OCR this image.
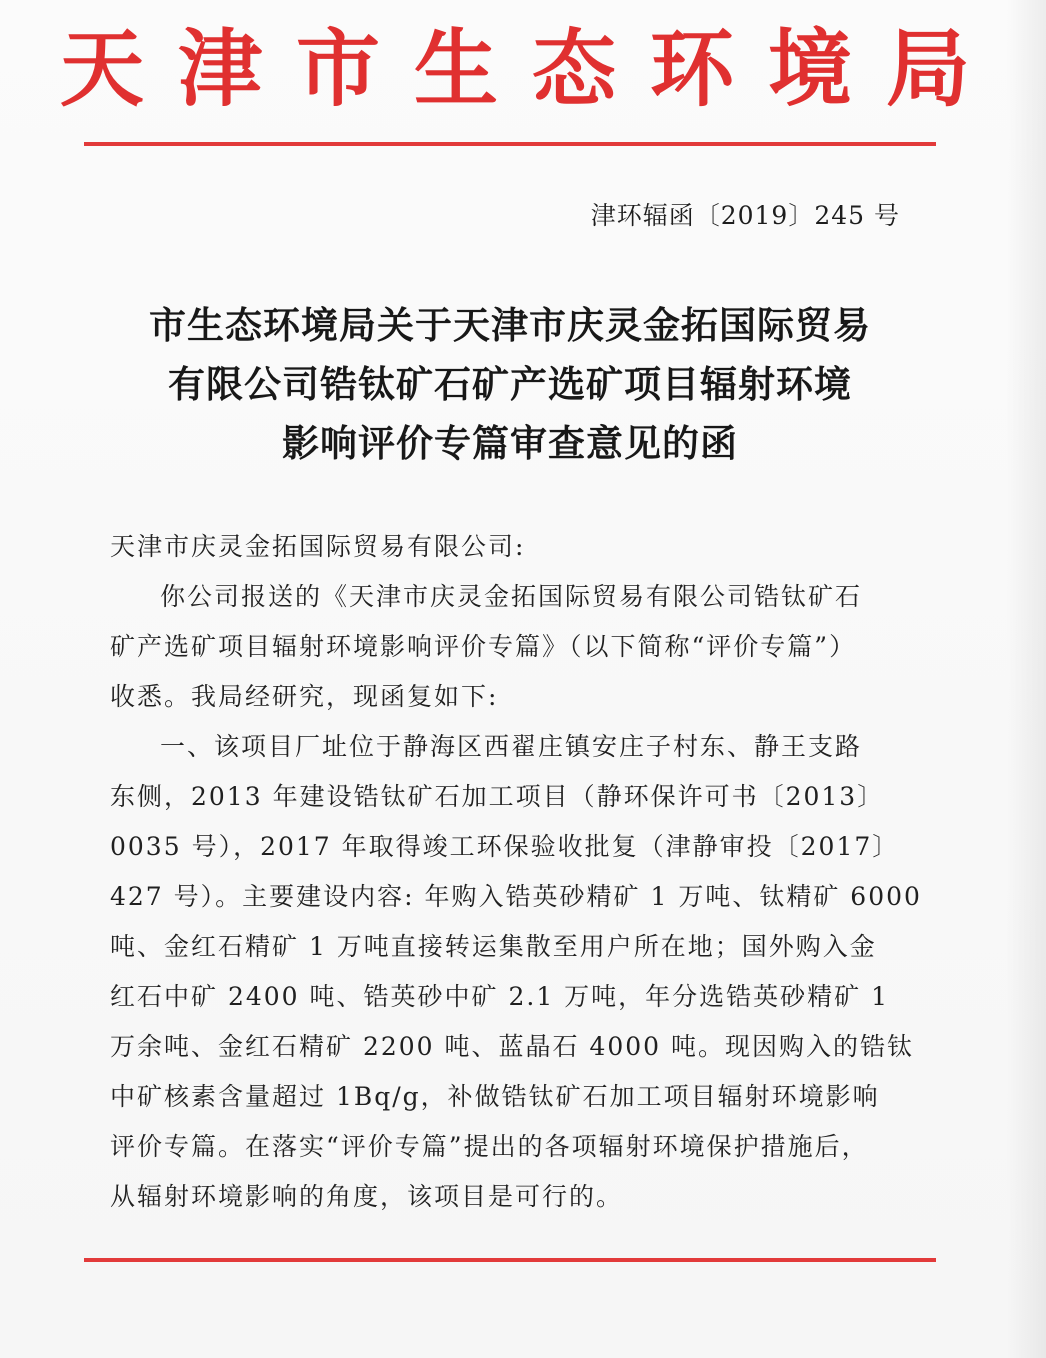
天津市生态环境局
津环辐函〔2019〕245 号
市生态环境局关于天津市庆灵金拓国际贸易
有限公司锆钛矿石矿产选矿项目辐射环境
影响评价专篇审查意见的函
天津市庆灵金拓国际贸易有限公司:
你公司报送的《天津市庆灵金拓国际贸易有限公司锆钛矿石
矿产选矿项目辐射环境影响评价专篇》（以下简称“评价专篇”）
收悉。我局经研究，现函复如下:
一、该项目厂址位于静海区西翟庄镇安庄子村东、静王支路
东侧，2013 年建设锆钛矿石加工项目（静环保许可书〔2013〕
0035 号），2017 年取得竣工环保验收批复（津静审投〔2017〕
427 号）。主要建设内容: 年购入锆英砂精矿 1 万吨、钛精矿 6000
吨、金红石精矿 1 万吨直接转运集散至用户所在地；国外购入金
红石中矿 2400 吨、锆英砂中矿 2.1 万吨，年分选锆英砂精矿 1
万余吨、金红石精矿 2200 吨、蓝晶石 4000 吨。现因购入的锆钛
中矿核素含量超过 1Bq/g，补做锆钛矿石加工项目辐射环境影响
评价专篇。在落实“评价专篇”提出的各项辐射环境保护措施后，
从辐射环境影响的角度，该项目是可行的。
